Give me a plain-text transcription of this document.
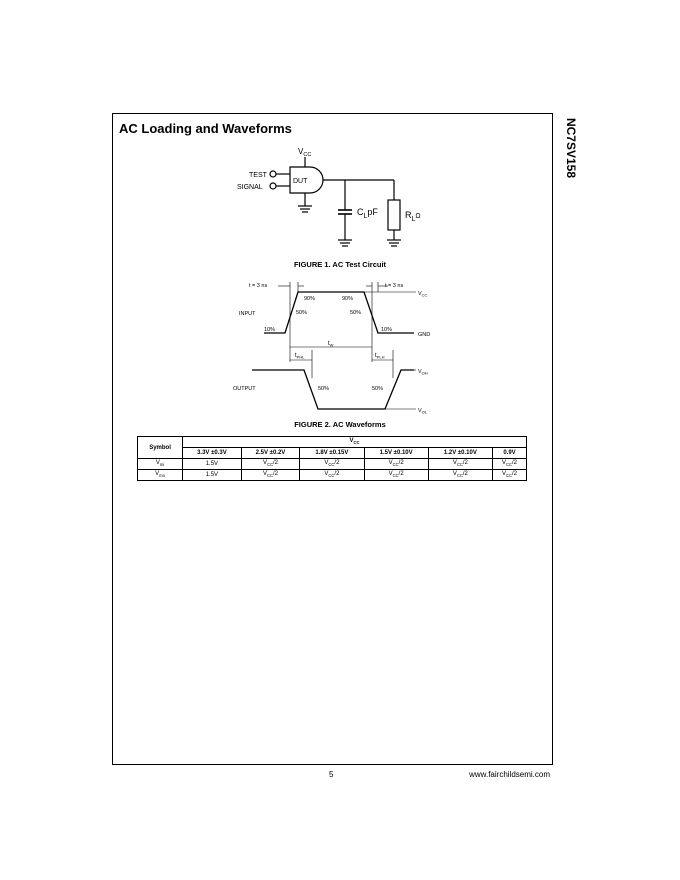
NC7SV158
AC Loading and Waveforms
$V_{CC}$
TEST
SIGNAL
DUT
$C_LpF$	$R_L^\Omega$
FIGURE 1. AC Test Circuit
t = 3 ns	t = 3 ns
INPUT
OUTPUT
$V_{CC}$
GND
90%	90%
50%	50%
10%	10%
$t_W$
$t_{PHL}$	$t_{PLH}$
50%	50%
$V_{OH}$
$V_{OL}$
FIGURE 2. AC Waveforms
Symbol	$V_{CC}$
	3.3V ±0.3V	2.5V ±0.2V	1.8V ±0.15V	1.5V ±0.10V	1.2V ±0.10V	0.9V
$V_{mi}$	1.5V	$V_{CC}/2$	$V_{CC}/2$	$V_{CC}/2$	$V_{CC}/2$	$V_{CC}/2$
$V_{mo}$	1.5V	$V_{CC}/2$	$V_{CC}/2$	$V_{CC}/2$	$V_{CC}/2$	$V_{CC}/2$
5	www.fairchildsemi.com
